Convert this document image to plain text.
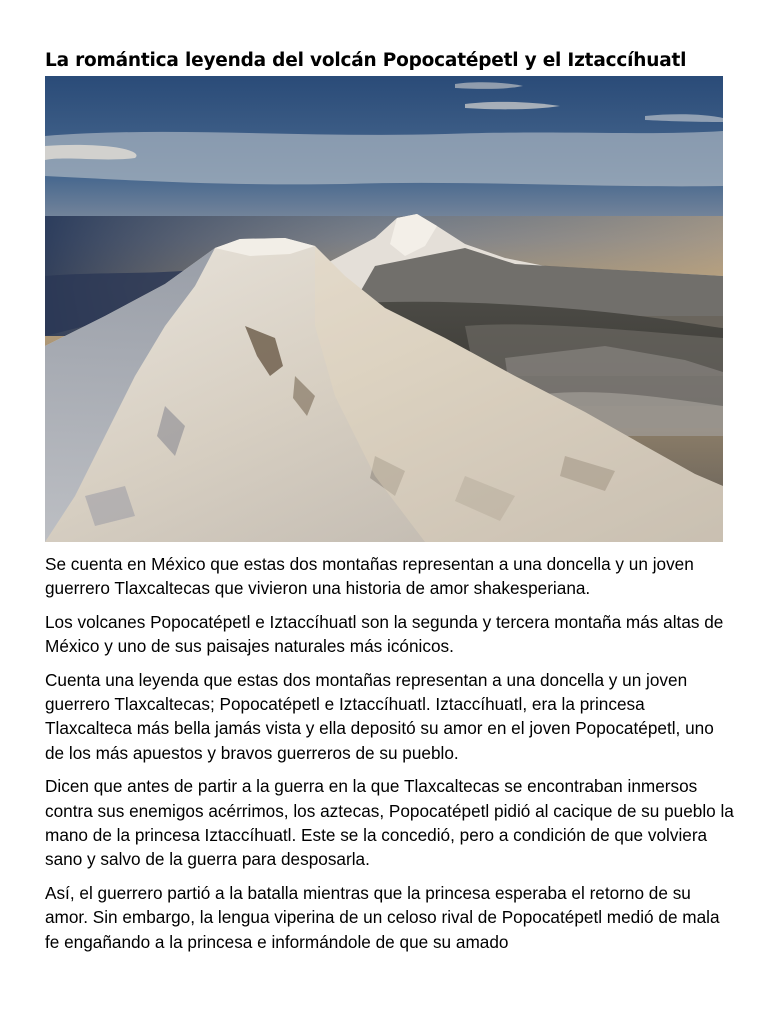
La romántica leyenda del volcán Popocatépetl y el Iztaccíhuatl

Se cuenta en México que estas dos montañas representan a una doncella y un joven guerrero Tlaxcaltecas que vivieron una historia de amor shakesperiana.

Los volcanes Popocatépetl e Iztaccíhuatl son la segunda y tercera montaña más altas de México y uno de sus paisajes naturales más icónicos.

Cuenta una leyenda que estas dos montañas representan a una doncella y un joven guerrero Tlaxcaltecas; Popocatépetl e Iztaccíhuatl. Iztaccíhuatl, era la princesa Tlaxcalteca más bella jamás vista y ella depositó su amor en el joven Popocatépetl, uno de los más apuestos y bravos guerreros de su pueblo.

Dicen que antes de partir a la guerra en la que Tlaxcaltecas se encontraban inmersos contra sus enemigos acérrimos, los aztecas, Popocatépetl pidió al cacique de su pueblo la mano de la princesa Iztaccíhuatl. Este se la concedió, pero a condición de que volviera sano y salvo de la guerra para desposarla.

Así, el guerrero partió a la batalla mientras que la princesa esperaba el retorno de su amor. Sin embargo, la lengua viperina de un celoso rival de Popocatépetl medió de mala fe engañando a la princesa e informándole de que su amado
